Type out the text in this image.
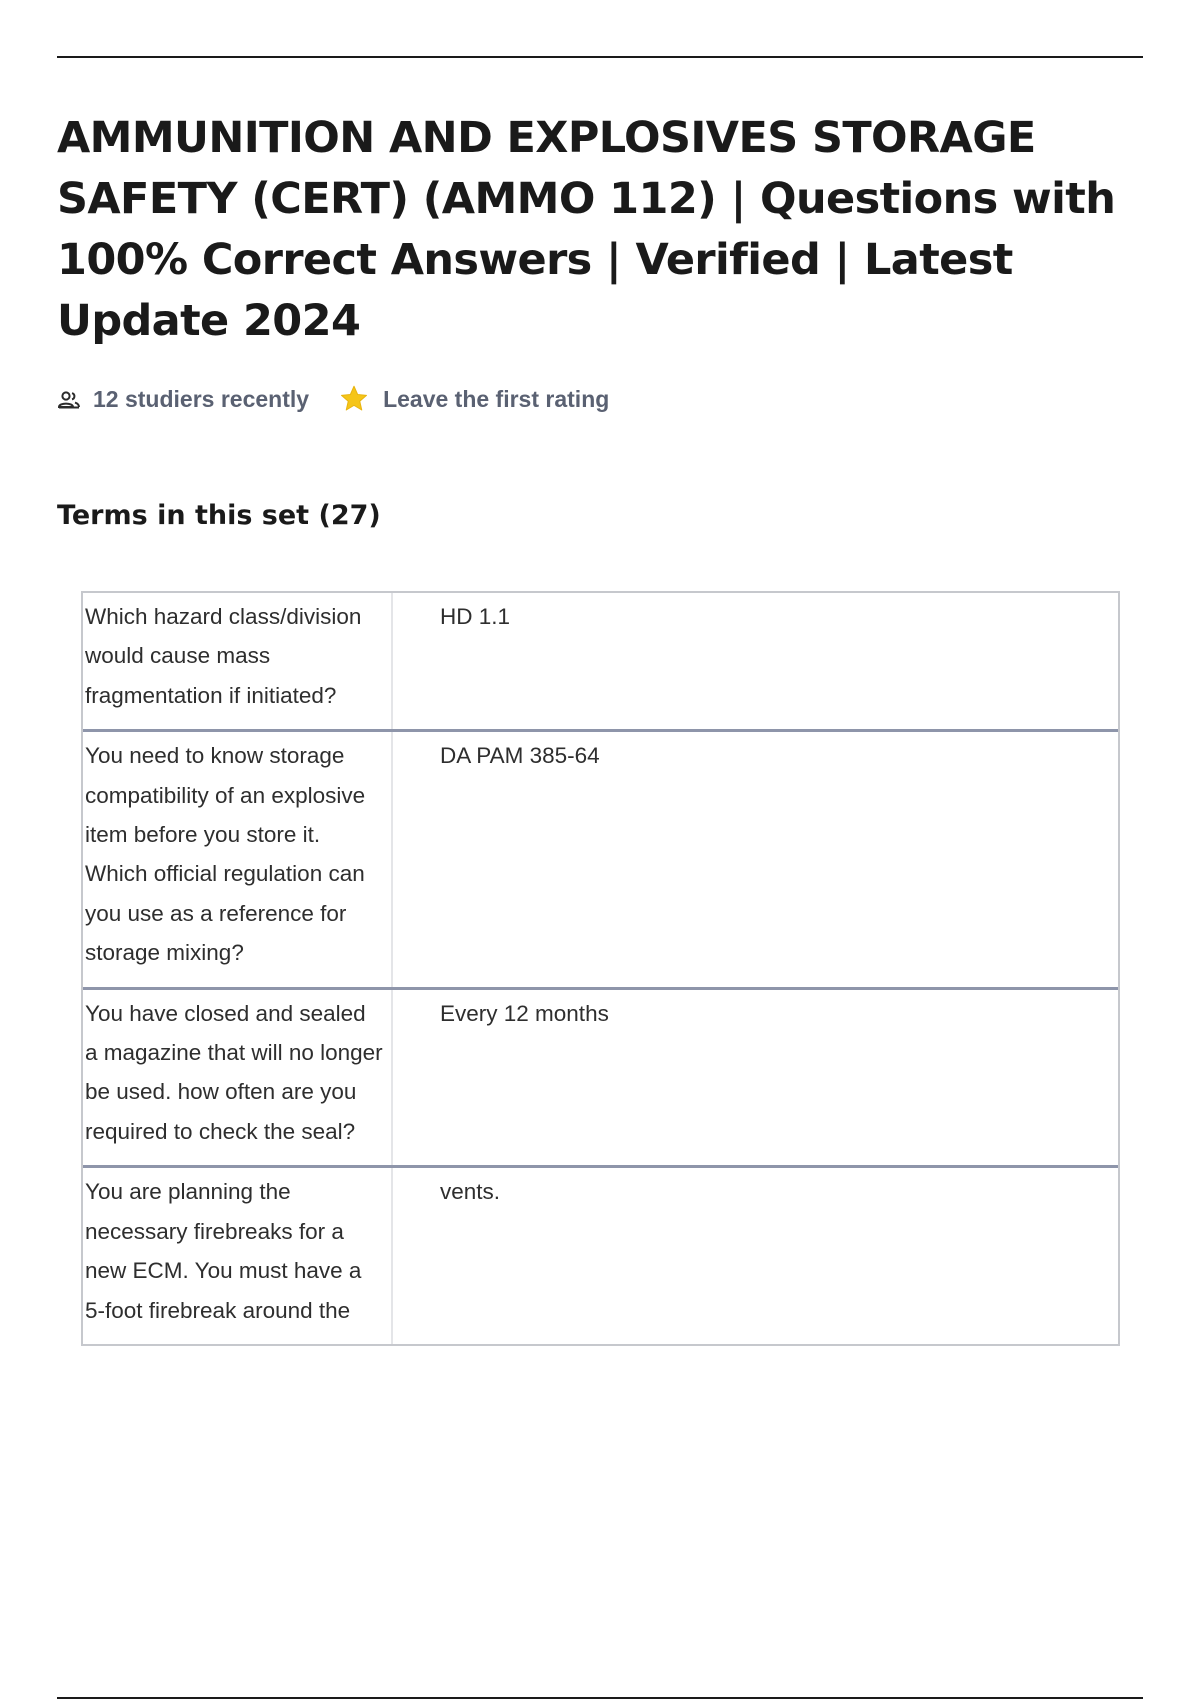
AMMUNITION AND EXPLOSIVES STORAGE SAFETY (CERT) (AMMO 112) | Questions with 100% Correct Answers | Verified | Latest Update 2024
12 studiers recently	Leave the first rating
Terms in this set (27)
Which hazard class/division would cause mass fragmentation if initiated?
HD 1.1
You need to know storage compatibility of an explosive item before you store it. Which official regulation can you use as a reference for storage mixing?
DA PAM 385-64
You have closed and sealed a magazine that will no longer be used. how often are you required to check the seal?
Every 12 months
You are planning the necessary firebreaks for a new ECM. You must have a 5-foot firebreak around the
vents.
